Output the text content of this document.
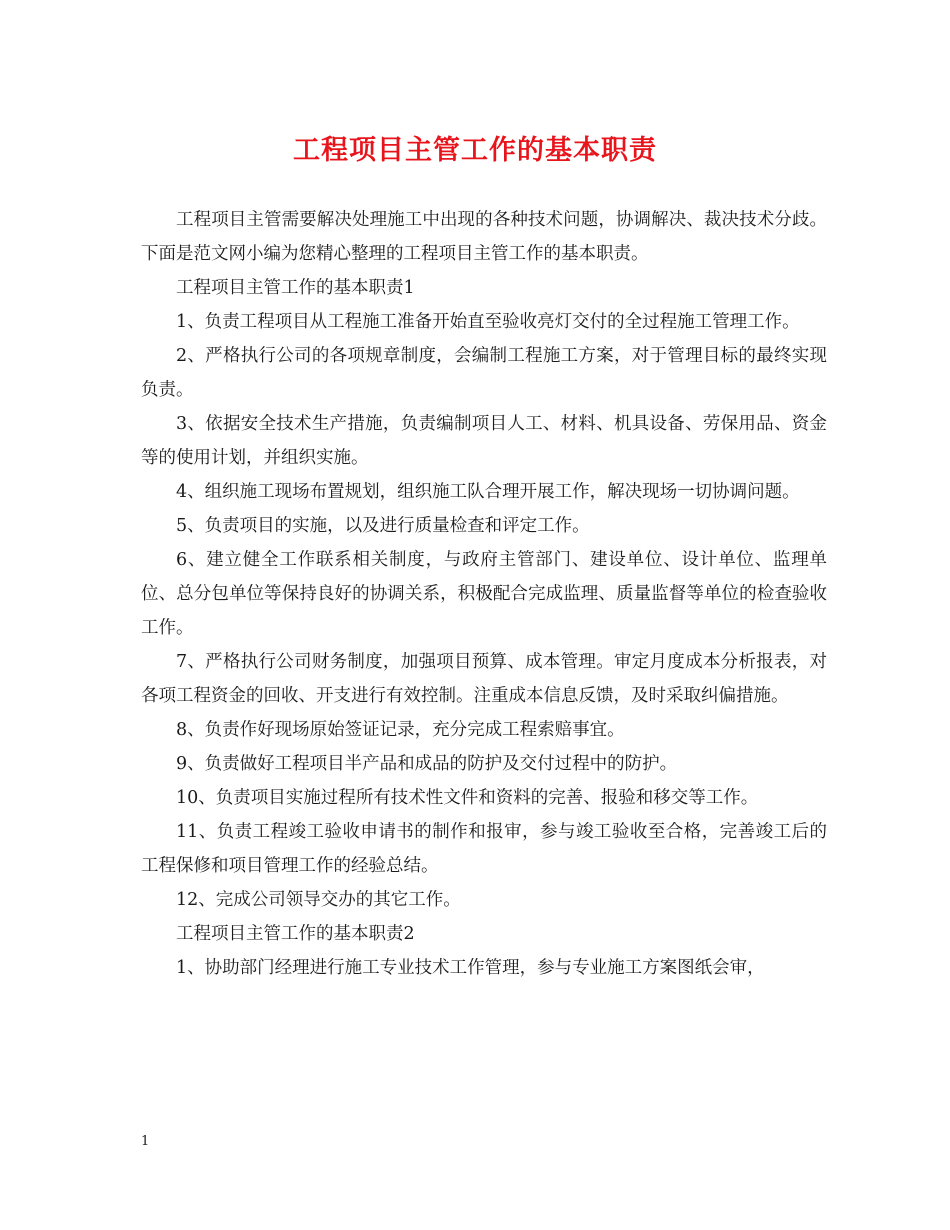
工程项目主管工作的基本职责

工程项目主管需要解决处理施工中出现的各种技术问题，协调解决、裁决技术分歧。下面是范文网小编为您精心整理的工程项目主管工作的基本职责。

工程项目主管工作的基本职责1

1、负责工程项目从工程施工准备开始直至验收亮灯交付的全过程施工管理工作。

2、严格执行公司的各项规章制度，会编制工程施工方案，对于管理目标的最终实现负责。

3、依据安全技术生产措施，负责编制项目人工、材料、机具设备、劳保用品、资金等的使用计划，并组织实施。

4、组织施工现场布置规划，组织施工队合理开展工作，解决现场一切协调问题。

5、负责项目的实施，以及进行质量检查和评定工作。

6、建立健全工作联系相关制度，与政府主管部门、建设单位、设计单位、监理单位、总分包单位等保持良好的协调关系，积极配合完成监理、质量监督等单位的检查验收工作。

7、严格执行公司财务制度，加强项目预算、成本管理。审定月度成本分析报表，对各项工程资金的回收、开支进行有效控制。注重成本信息反馈，及时采取纠偏措施。

8、负责作好现场原始签证记录，充分完成工程索赔事宜。

9、负责做好工程项目半产品和成品的防护及交付过程中的防护。

10、负责项目实施过程所有技术性文件和资料的完善、报验和移交等工作。

11、负责工程竣工验收申请书的制作和报审，参与竣工验收至合格，完善竣工后的工程保修和项目管理工作的经验总结。

12、完成公司领导交办的其它工作。

工程项目主管工作的基本职责2

1、协助部门经理进行施工专业技术工作管理，参与专业施工方案图纸会审，

1
